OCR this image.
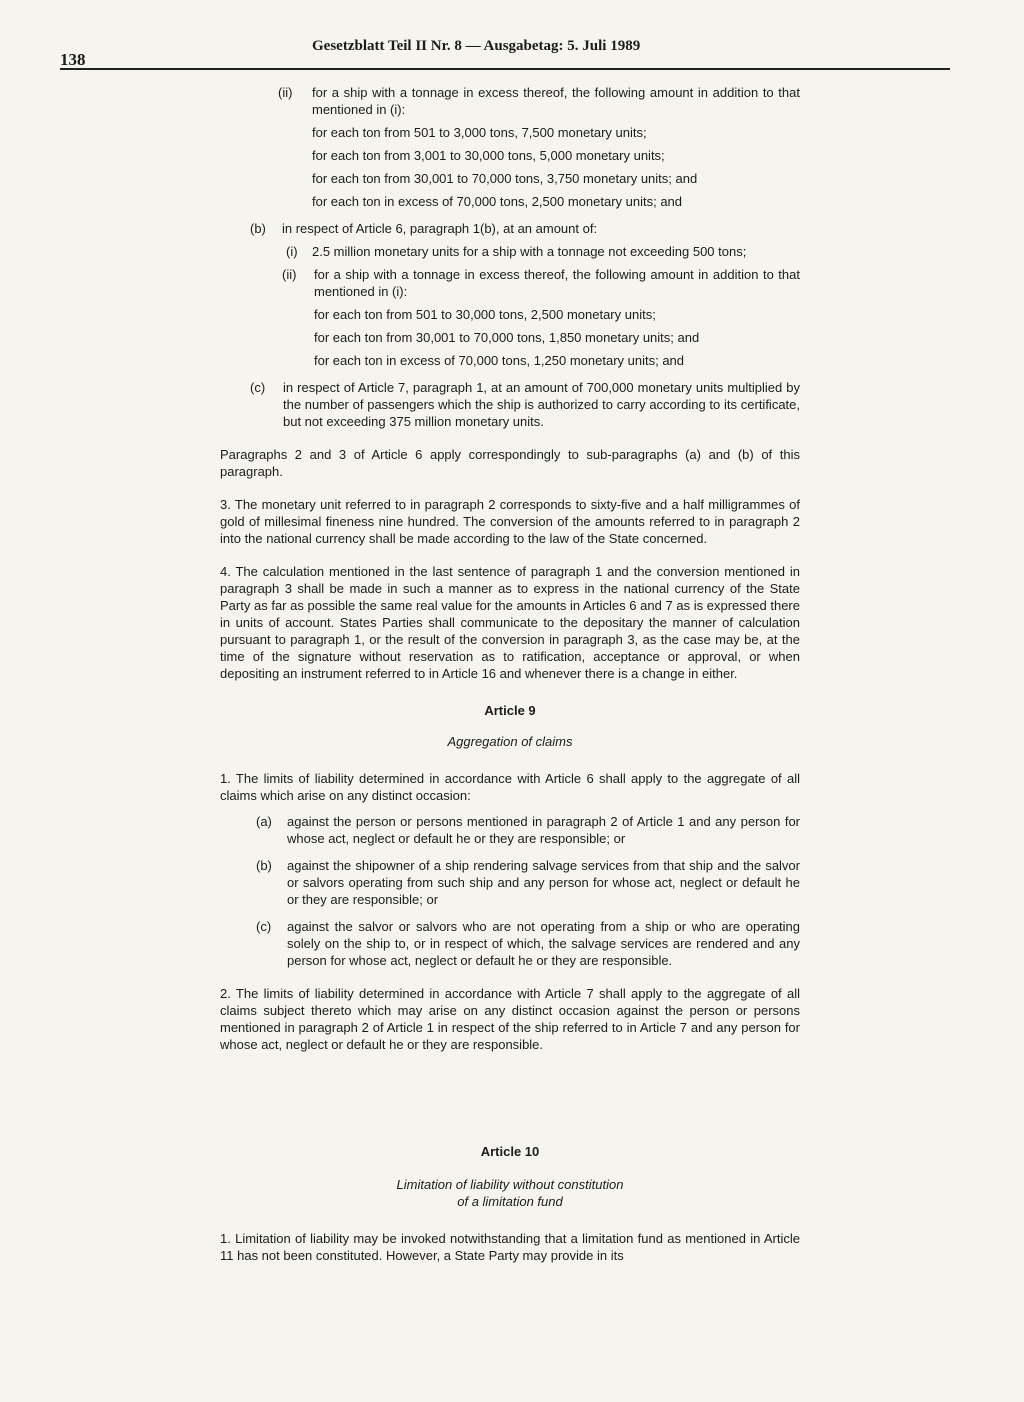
138
Gesetzblatt Teil II Nr. 8 — Ausgabetag: 5. Juli 1989
(ii)	for a ship with a tonnage in excess thereof, the following amount in addition to that mentioned in (i):

for each ton from 501 to 3,000 tons, 7,500 monetary units;

for each ton from 3,001 to 30,000 tons, 5,000 monetary units;

for each ton from 30,001 to 70,000 tons, 3,750 monetary units; and

for each ton in excess of 70,000 tons, 2,500 monetary units; and

(b)	in respect of Article 6, paragraph 1(b), at an amount of:
(i)	2.5 million monetary units for a ship with a tonnage not exceeding 500 tons;
(ii)	for a ship with a tonnage in excess thereof, the following amount in addition to that mentioned in (i):

for each ton from 501 to 30,000 tons, 2,500 monetary units;

for each ton from 30,001 to 70,000 tons, 1,850 monetary units; and

for each ton in excess of 70,000 tons, 1,250 monetary units; and

(c)	in respect of Article 7, paragraph 1, at an amount of 700,000 monetary units multiplied by the number of passengers which the ship is authorized to carry according to its certificate, but not exceeding 375 million monetary units.

Paragraphs 2 and 3 of Article 6 apply correspondingly to sub-paragraphs (a) and (b) of this paragraph.

3. The monetary unit referred to in paragraph 2 corresponds to sixty-five and a half milligrammes of gold of millesimal fineness nine hundred. The conversion of the amounts referred to in paragraph 2 into the national currency shall be made according to the law of the State concerned.

4. The calculation mentioned in the last sentence of paragraph 1 and the conversion mentioned in paragraph 3 shall be made in such a manner as to express in the national currency of the State Party as far as possible the same real value for the amounts in Articles 6 and 7 as is expressed there in units of account. States Parties shall communicate to the depositary the manner of calculation pursuant to paragraph 1, or the result of the conversion in paragraph 3, as the case may be, at the time of the signature without reservation as to ratification, acceptance or approval, or when depositing an instrument referred to in Article 16 and whenever there is a change in either.

Article 9

Aggregation of claims

1. The limits of liability determined in accordance with Article 6 shall apply to the aggregate of all claims which arise on any distinct occasion:

(a)	against the person or persons mentioned in paragraph 2 of Article 1 and any person for whose act, neglect or default he or they are responsible; or
(b)	against the shipowner of a ship rendering salvage services from that ship and the salvor or salvors operating from such ship and any person for whose act, neglect or default he or they are responsible; or
(c)	against the salvor or salvors who are not operating from a ship or who are operating solely on the ship to, or in respect of which, the salvage services are rendered and any person for whose act, neglect or default he or they are responsible.

2. The limits of liability determined in accordance with Article 7 shall apply to the aggregate of all claims subject thereto which may arise on any distinct occasion against the person or persons mentioned in paragraph 2 of Article 1 in respect of the ship referred to in Article 7 and any person for whose act, neglect or default he or they are responsible.

Article 10

Limitation of liability without constitution

of a limitation fund

1. Limitation of liability may be invoked notwithstanding that a limitation fund as mentioned in Article 11 has not been constituted. However, a State Party may provide in its
